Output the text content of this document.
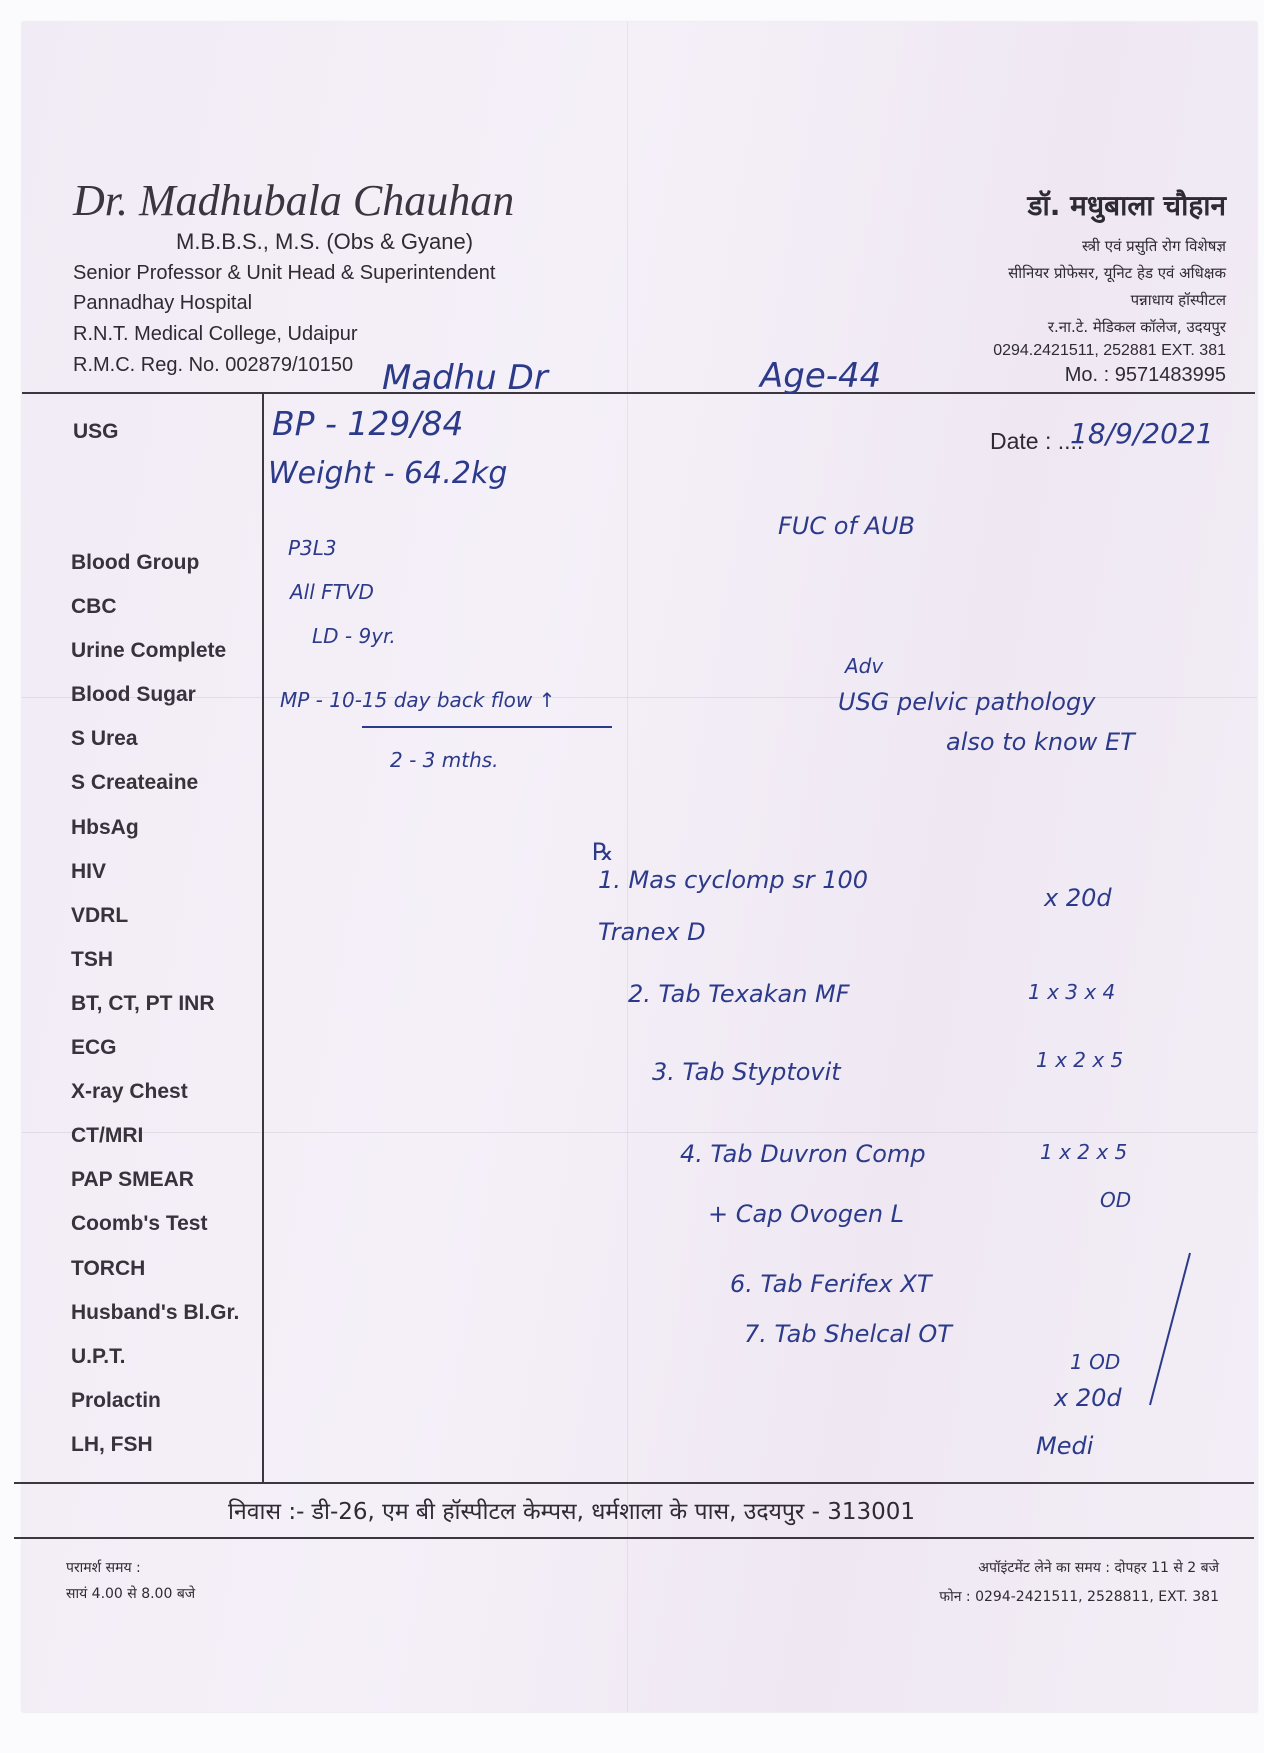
Dr. Madhubala Chauhan
M.B.B.S., M.S. (Obs & Gyane)
Senior Professor & Unit Head & Superintendent
Pannadhay Hospital
R.N.T. Medical College, Udaipur
R.M.C. Reg. No. 002879/10150
डॉ. मधुबाला चौहान
स्त्री एवं प्रसुति रोग विशेषज्ञ
सीनियर प्रोफेसर, यूनिट हेड एवं अधिक्षक
पन्नाधाय हॉस्पीटल
र.ना.टे. मेडिकल कॉलेज, उदयपुर
0294.2421511, 252881 EXT. 381
Mo. : 9571483995
USG
Blood Group
CBC
Urine Complete
Blood Sugar
S Urea
S Createaine
HbsAg
HIV
VDRL
TSH
BT, CT, PT INR
ECG
X-ray Chest
CT/MRI
PAP SMEAR
Coomb's Test
TORCH
Husband's Bl.Gr.
U.P.T.
Prolactin
LH, FSH
Date : ....
18/9/2021
Madhu Dr	Age-44
BP - 129/84
Weight - 64.2kg
FUC of AUB
P3L3
All FTVD
LD - 9yr.
MP - 10-15 day back flow ↑
2 - 3 mths.
Adv
USG pelvic pathology
also to know ET
℞
1. Mas cyclomp sr 100
x 20d
Tranex D
2. Tab Texakan MF	1 x 3 x 4
3. Tab Styptovit	1 x 2 x 5
4. Tab Duvron Comp	1 x 2 x 5
+ Cap Ovogen L	OD
6. Tab Ferifex XT
7. Tab Shelcal OT
1 OD
x 20d
Medi
निवास :- डी-26, एम बी हॉस्पीटल केम्पस, धर्मशाला के पास, उदयपुर - 313001
परामर्श समय :
सायं 4.00 से 8.00 बजे
अपॉइंटमेंट लेने का समय : दोपहर 11 से 2 बजे
फोन : 0294-2421511, 2528811, EXT. 381
